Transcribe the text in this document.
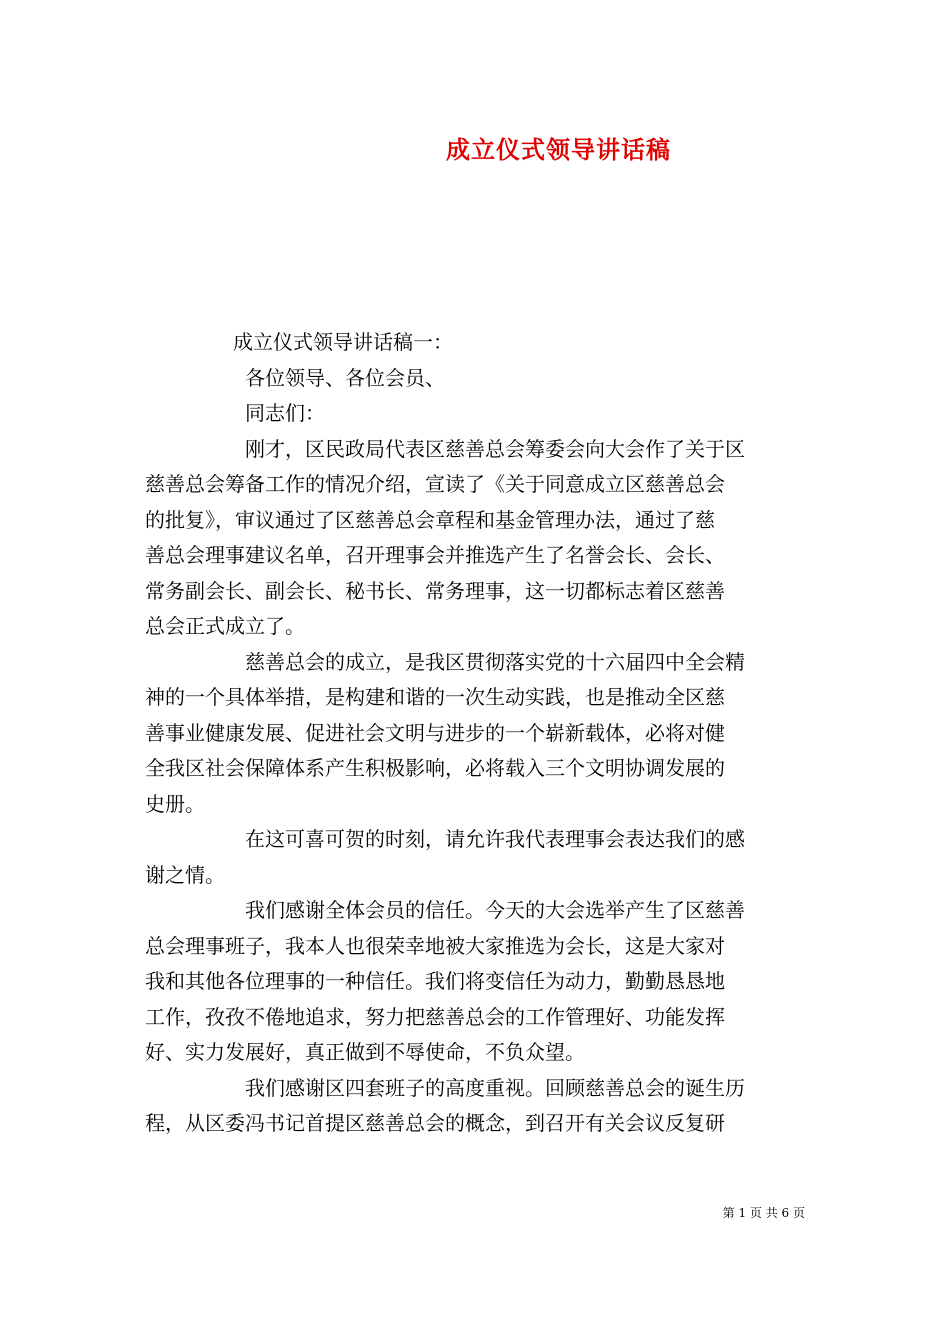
成立仪式领导讲话稿
成立仪式领导讲话稿一：
各位领导、各位会员、
同志们：
刚才，区民政局代表区慈善总会筹委会向大会作了关于区
慈善总会筹备工作的情况介绍，宣读了《关于同意成立区慈善总会
的批复》，审议通过了区慈善总会章程和基金管理办法，通过了慈
善总会理事建议名单，召开理事会并推选产生了名誉会长、会长、
常务副会长、副会长、秘书长、常务理事，这一切都标志着区慈善
总会正式成立了。
慈善总会的成立，是我区贯彻落实党的十六届四中全会精
神的一个具体举措，是构建和谐的一次生动实践，也是推动全区慈
善事业健康发展、促进社会文明与进步的一个崭新载体，必将对健
全我区社会保障体系产生积极影响，必将载入三个文明协调发展的
史册。
在这可喜可贺的时刻，请允许我代表理事会表达我们的感
谢之情。
我们感谢全体会员的信任。今天的大会选举产生了区慈善
总会理事班子，我本人也很荣幸地被大家推选为会长，这是大家对
我和其他各位理事的一种信任。我们将变信任为动力，勤勤恳恳地
工作，孜孜不倦地追求，努力把慈善总会的工作管理好、功能发挥
好、实力发展好，真正做到不辱使命，不负众望。
我们感谢区四套班子的高度重视。回顾慈善总会的诞生历
程，从区委冯书记首提区慈善总会的概念，到召开有关会议反复研
第 1 页 共 6 页
